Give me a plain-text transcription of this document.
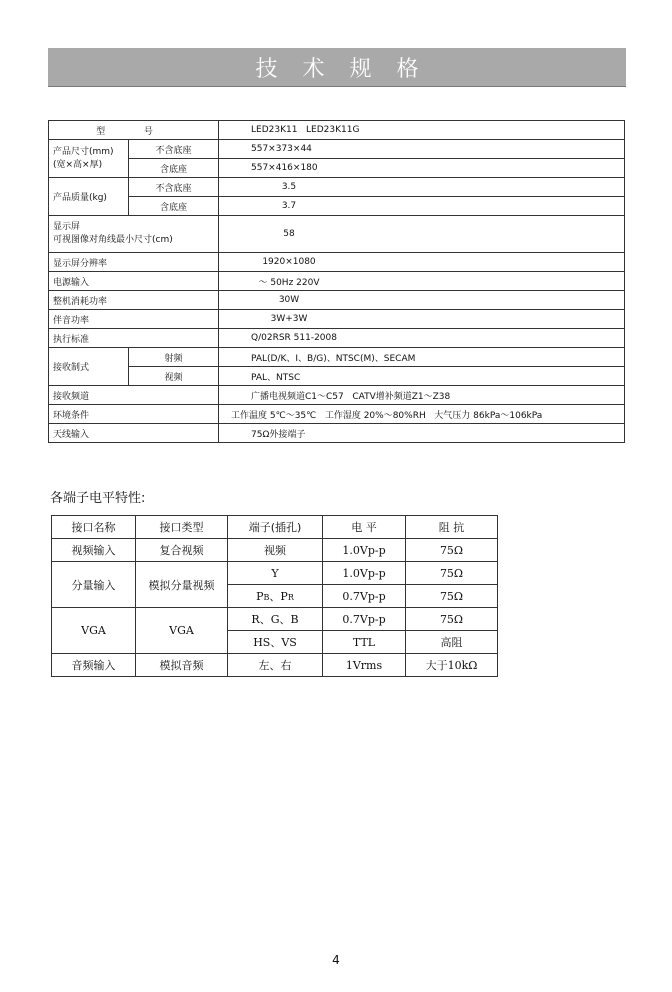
技 术 规 格
型 号		LED23K11   LED23K11G

产品尺寸(mm)
(宽×高×厚)	不含底座	557×373×44
	含底座	557×416×180
产品质量(kg)	不含底座	3.5
	含底座	3.7

显示屏
可视图像对角线最小尺寸(cm)		58
显示屏分辨率		1920×1080
电源输入		～ 50Hz 220V
整机消耗功率		30W
伴音功率		3W+3W
执行标准		Q/02RSR 511-2008
接收制式	射频	PAL(D/K、I、B/G)、NTSC(M)、SECAM
	视频	PAL、NTSC
接收频道		广播电视频道C1～C57   CATV增补频道Z1～Z38
环境条件		工作温度 5℃～35℃   工作湿度 20%～80%RH   大气压力 86kPa～106kPa
天线输入		75Ω外接端子
各端子电平特性:
接口名称	接口类型	端子(插孔)	电 平	阻 抗
视频输入	复合视频	视频	1.0Vp-p	75Ω
分量输入	模拟分量视频	Y	1.0Vp-p	75Ω
		PB、PR	0.7Vp-p	75Ω
VGA	VGA	R、G、B	0.7Vp-p	75Ω
		HS、VS	TTL	高阻
音频输入	模拟音频	左、右	1Vrms	大于10kΩ
4
